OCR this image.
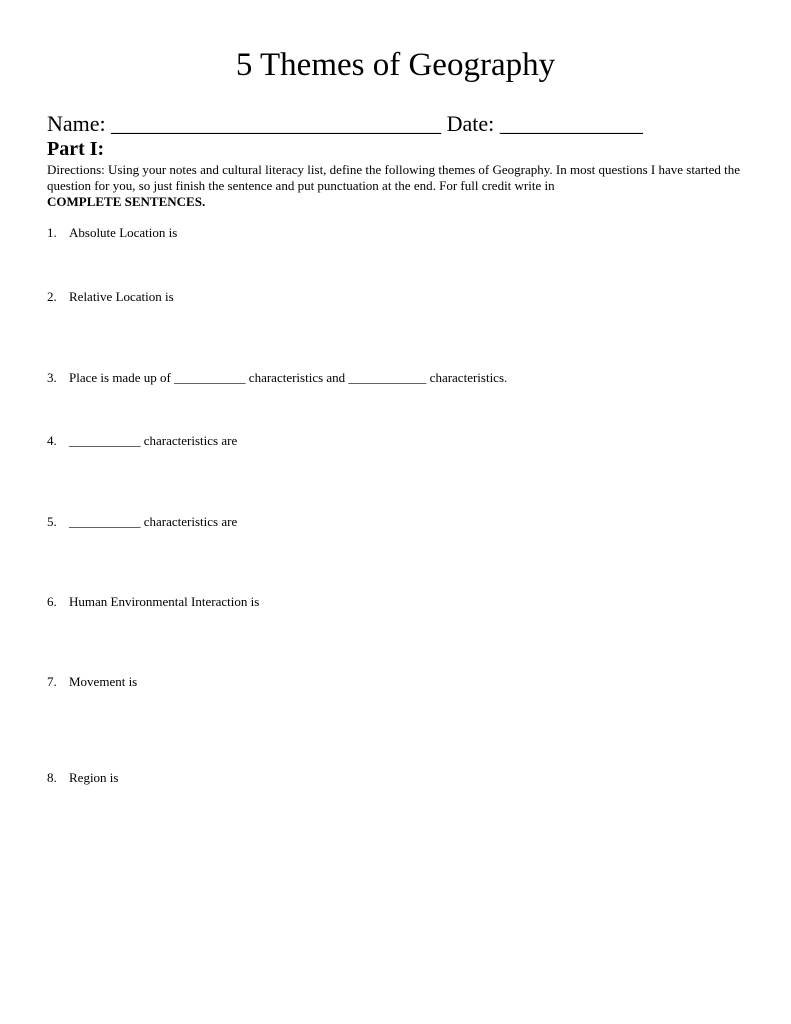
5 Themes of Geography
Name: ______________________________ Date: _____________
Part I:
Directions: Using your notes and cultural literacy list, define the following themes of Geography. In most questions I have started the question for you, so just finish the sentence and put punctuation at the end. For full credit write in
COMPLETE SENTENCES.
1. Absolute Location is
2. Relative Location is
3. Place is made up of ___________ characteristics and ____________ characteristics.
4. ___________ characteristics are
5. ___________ characteristics are
6. Human Environmental Interaction is
7. Movement is
8. Region is
